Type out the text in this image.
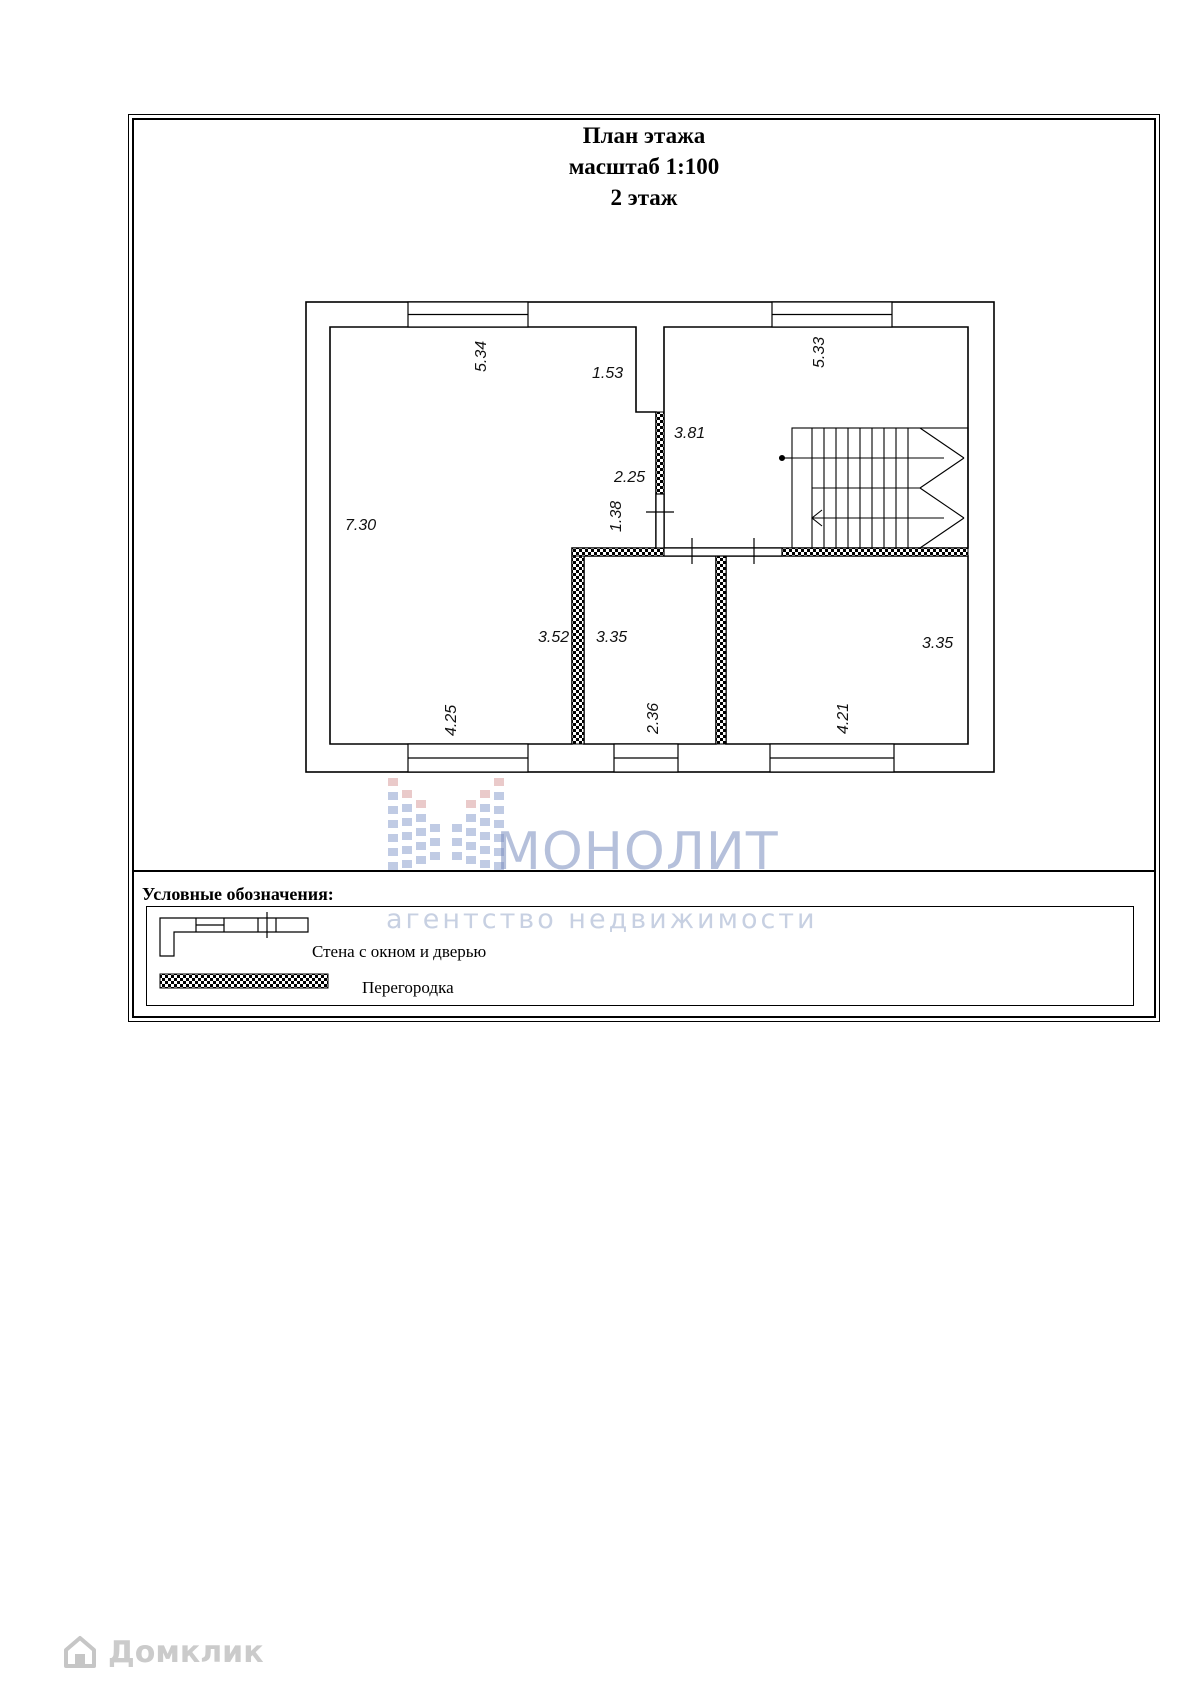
План этажа
масштаб 1:100
2 этаж
5.34
1.53
7.30
2.25
1.38
4.25
5.33
3.81
3.52 3.35
2.36
3.35
4.21
Условные обозначения:
Стена с окном и дверью
Перегородка
МОНОЛИТ
агентство недвижимости
Домклик
